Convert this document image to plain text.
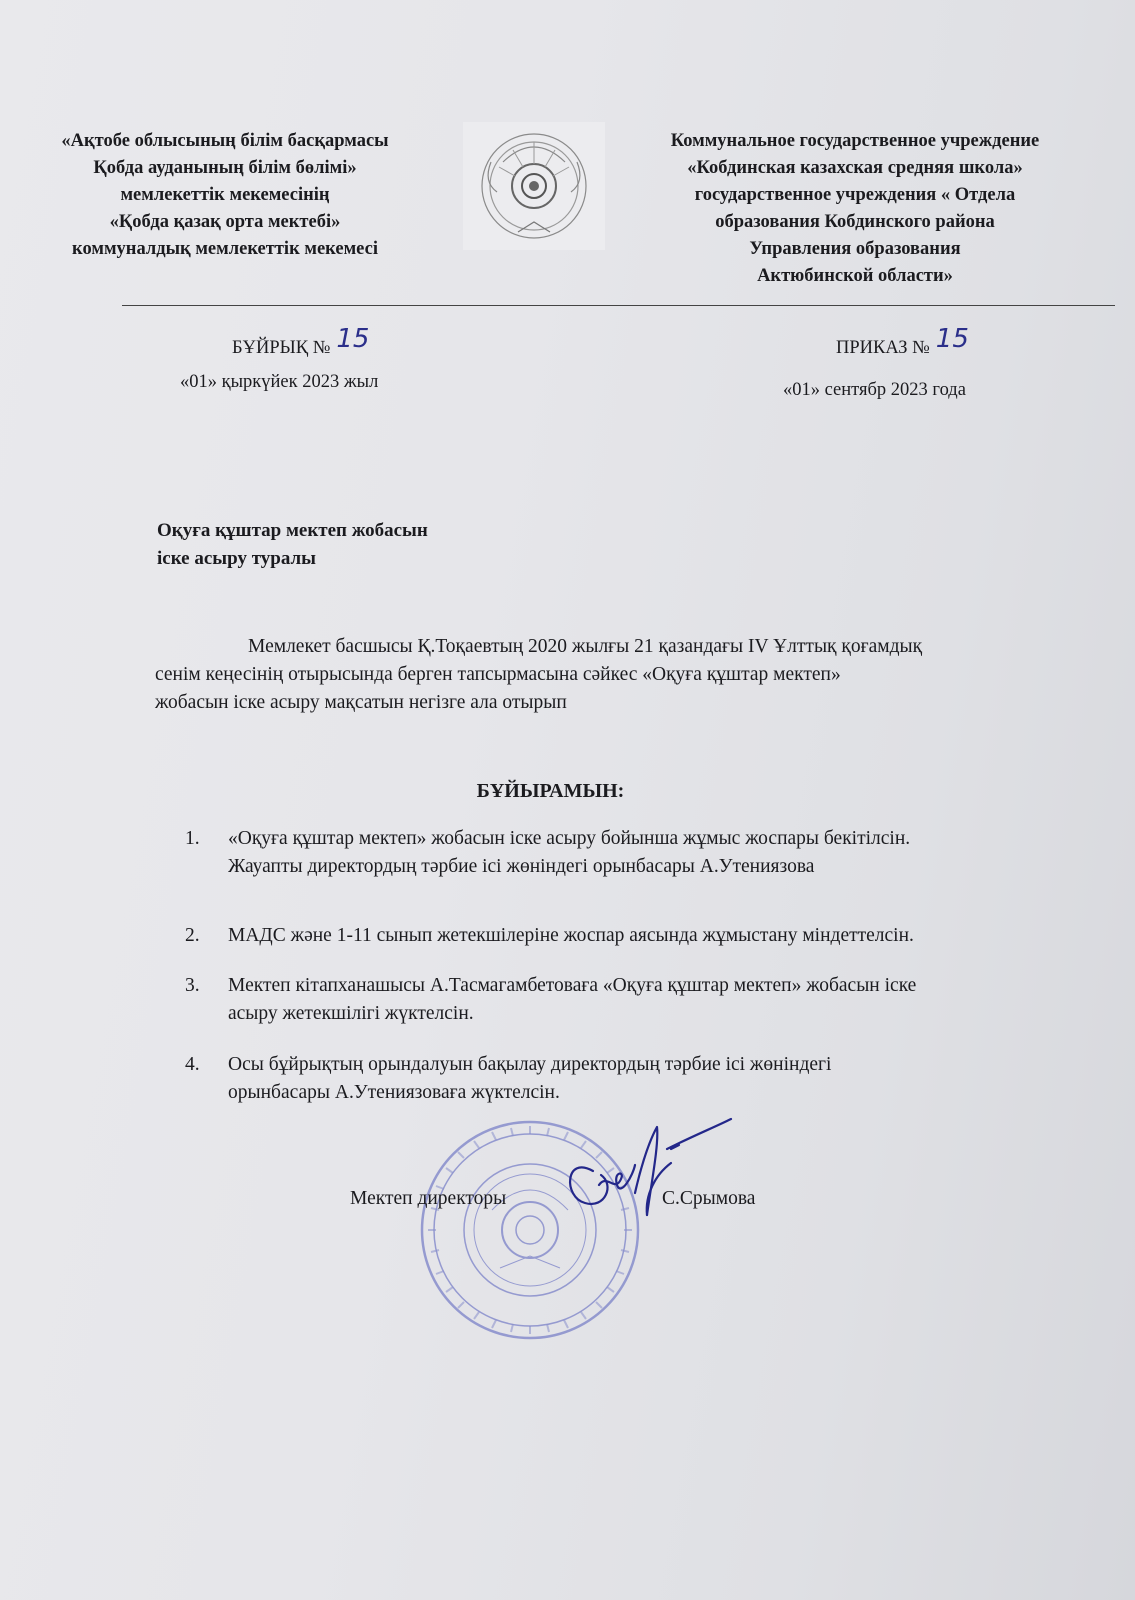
«Ақтобе облысының білім басқармасы
Қобда ауданының білім бөлімі»
мемлекеттік мекемесінің
«Қобда қазақ орта мектебі»
коммуналдық мемлекеттік мекемесі
Коммунальное государственное учреждение
«Кобдинская казахская средняя школа»
государственное учреждения « Отдела
образования Кобдинского района
Управления образования
Актюбинской области»
БҰЙРЫҚ № 15	ПРИКАЗ № 15
«01» қыркүйек 2023 жыл	«01» сентябр 2023 года
Оқуға құштар мектеп жобасын
іске асыру туралы
Мемлекет басшысы Қ.Тоқаевтың 2020 жылғы 21 қазандағы IV Ұлттық қоғамдық
сенім кеңесінің отырысында берген тапсырмасына сәйкес «Оқуға құштар мектеп»
жобасын іске асыру мақсатын негізге ала отырып
БҰЙЫРАМЫН:
1. «Оқуға құштар мектеп» жобасын іске асыру бойынша жұмыс жоспары бекітілсін.
Жауапты директордың тәрбие ісі жөніндегі орынбасары А.Утениязова
2. МАДС және 1-11 сынып жетекшілеріне жоспар аясында жұмыстану міндеттелсін.
3. Мектеп кітапханашысы А.Тасмагамбетоваға «Оқуға құштар мектеп» жобасын іске
асыру жетекшілігі жүктелсін.
4. Осы бұйрықтың орындалуын бақылау директордың тәрбие ісі жөніндегі
орынбасары А.Утениязоваға жүктелсін.
Мектеп директоры	С.Срымова
